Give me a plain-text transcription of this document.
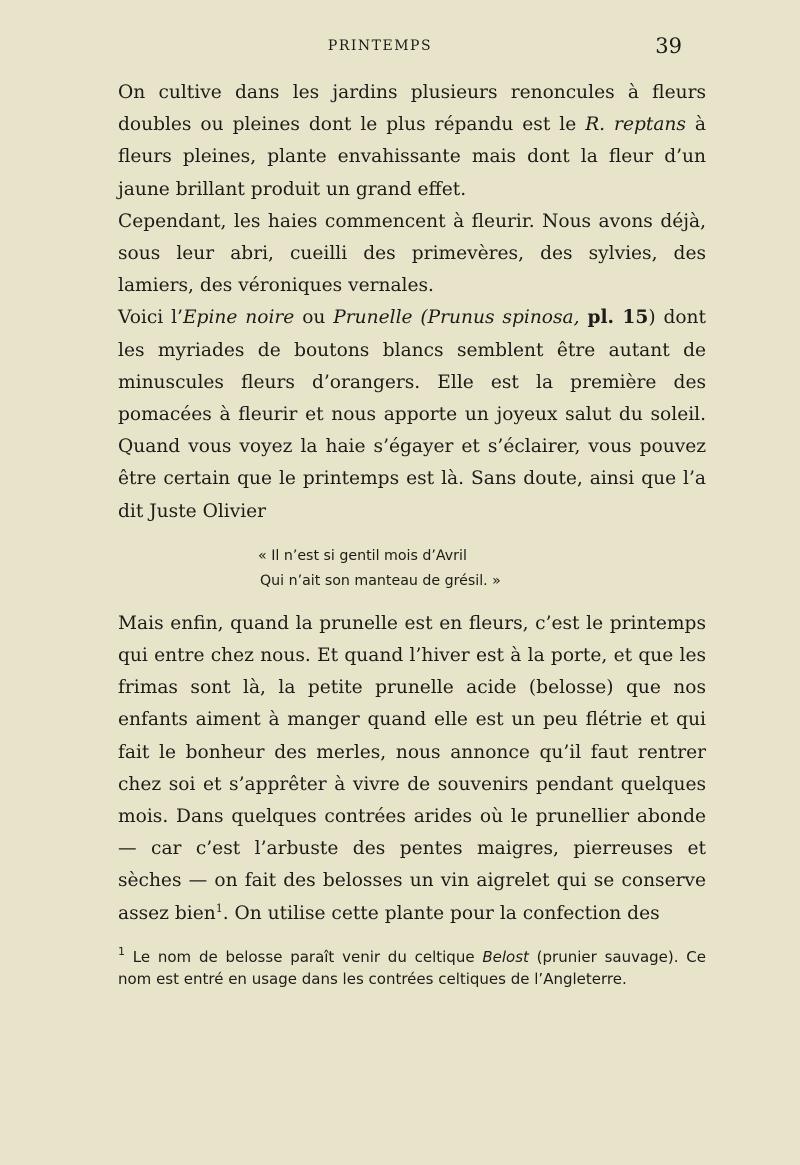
PRINTEMPS	39

On cultive dans les jardins plusieurs renoncules à fleurs doubles ou pleines dont le plus répandu est le R. reptans à fleurs pleines, plante envahissante mais dont la fleur d’un jaune brillant produit un grand effet.

Cependant, les haies commencent à fleurir. Nous avons déjà, sous leur abri, cueilli des primevères, des sylvies, des lamiers, des véroniques vernales.

Voici l’Epine noire ou Prunelle (Prunus spinosa, pl. 15) dont les myriades de boutons blancs semblent être autant de minuscules fleurs d’orangers. Elle est la première des pomacées à fleurir et nous apporte un joyeux salut du soleil. Quand vous voyez la haie s’égayer et s’éclairer, vous pouvez être certain que le printemps est là. Sans doute, ainsi que l’a dit Juste Olivier

« Il n’est si gentil mois d’Avril
Qui n’ait son manteau de grésil. »

Mais enfin, quand la prunelle est en fleurs, c’est le printemps qui entre chez nous. Et quand l’hiver est à la porte, et que les frimas sont là, la petite prunelle acide (belosse) que nos enfants aiment à manger quand elle est un peu flétrie et qui fait le bonheur des merles, nous annonce qu’il faut rentrer chez soi et s’apprêter à vivre de souvenirs pendant quelques mois. Dans quelques contrées arides où le prunellier abonde — car c’est l’arbuste des pentes maigres, pierreuses et sèches — on fait des belosses un vin aigrelet qui se conserve assez bien$^1$. On utilise cette plante pour la confection des

$^1$ Le nom de belosse paraît venir du celtique Belost (prunier sauvage). Ce nom est entré en usage dans les contrées celtiques de l’Angleterre.
